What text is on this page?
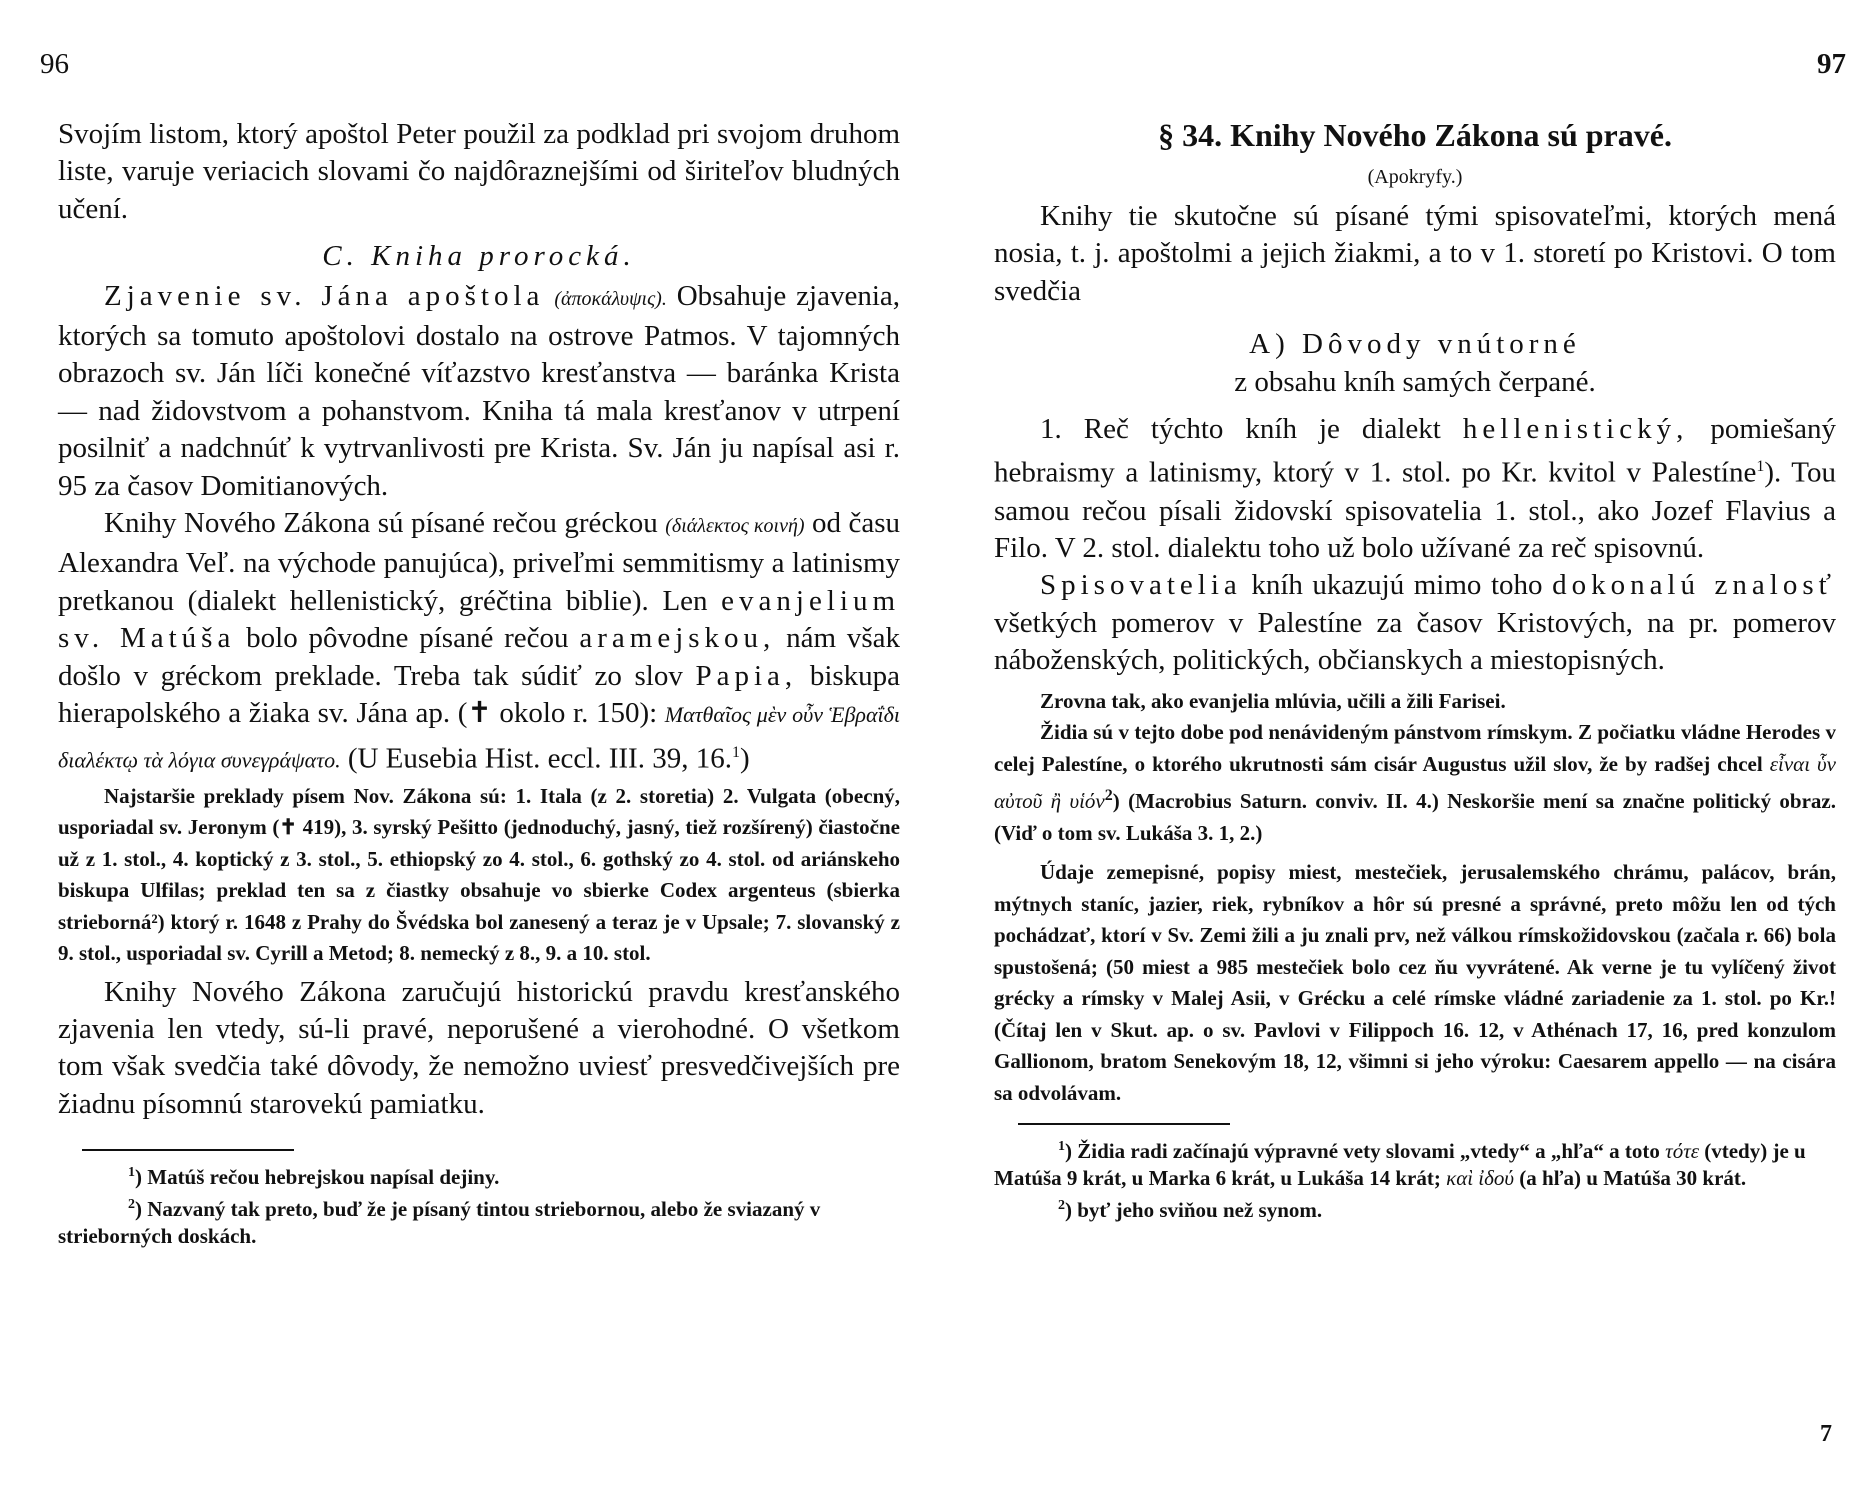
96

Svojím listom, ktorý apoštol Peter použil za podklad pri svojom druhom liste, varuje veriacich slovami čo najdôraznejšími od širiteľov bludných učení.

C. Kniha prorocká.

Zjavenie sv. Jána apoštola (ἀποκάλυψις). Obsahuje zjavenia, ktorých sa tomuto apoštolovi dostalo na ostrove Patmos. V tajomných obrazoch sv. Ján líči konečné víťazstvo kresťanstva — baránka Krista — nad židovstvom a pohanstvom. Kniha tá mala kresťanov v utrpení posilniť a nadchnúť k vytrvanlivosti pre Krista. Sv. Ján ju napísal asi r. 95 za časov Domitianových.

Knihy Nového Zákona sú písané rečou gréckou (διάλεκτος κοινή) od času Alexandra Veľ. na východe panujúca), priveľmi semmitismy a latinismy pretkanou (dialekt hellenistický, gréčtina biblie). Len evanjelium sv. Matúša bolo pôvodne písané rečou aramejskou, nám však došlo v gréckom preklade. Treba tak súdiť zo slov Papia, biskupa hierapolského a žiaka sv. Jána ap. (✝ okolo r. 150): Ματθαῖος μὲν οὖν Ἑβραΐδι διαλέκτῳ τὰ λόγια συνεγράψατο. (U Eusebia Hist. eccl. III. 39, 16.$^1$)

Najstaršie preklady písem Nov. Zákona sú: 1. Itala (z 2. storetia) 2. Vulgata (obecný, usporiadal sv. Jeronym (✝ 419), 3. syrský Pešitto (jednoduchý, jasný, tiež rozšírený) čiastočne už z 1. stol., 4. koptický z 3. stol., 5. ethiopský zo 4. stol., 6. gothský zo 4. stol. od ariánskeho biskupa Ulfilas; preklad ten sa z čiastky obsahuje vo sbierke Codex argenteus (sbierka strieborná²) ktorý r. 1648 z Prahy do Švédska bol zanesený a teraz je v Upsale; 7. slovanský z 9. stol., usporiadal sv. Cyrill a Metod; 8. nemecký z 8., 9. a 10. stol.

Knihy Nového Zákona zaručujú historickú pravdu kresťanského zjavenia len vtedy, sú-li pravé, neporušené a vierohodné. O všetkom tom však svedčia také dôvody, že nemožno uviesť presvedčivejších pre žiadnu písomnú starovekú pamiatku.

$^1$) Matúš rečou hebrejskou napísal dejiny.

$^2$) Nazvaný tak preto, buď že je písaný tintou striebornou, alebo že sviazaný v strieborných doskách.

97

§ 34. Knihy Nového Zákona sú pravé.

(Apokryfy.)

Knihy tie skutočne sú písané tými spisovateľmi, ktorých mená nosia, t. j. apoštolmi a jejich žiakmi, a to v 1. storetí po Kristovi. O tom svedčia

A) Dôvody vnútorné

z obsahu kníh samých čerpané.

1. Reč týchto kníh je dialekt hellenistický, pomiešaný hebraismy a latinismy, ktorý v 1. stol. po Kr. kvitol v Palestíne$^1$). Tou samou rečou písali židovskí spisovatelia 1. stol., ako Jozef Flavius a Filo. V 2. stol. dialektu toho už bolo užívané za reč spisovnú.

Spisovatelia kníh ukazujú mimo toho dokonalú znalosť všetkých pomerov v Palestíne za časov Kristových, na pr. pomerov náboženských, politických, občianskych a miestopisných.

Zrovna tak, ako evanjelia mlúvia, učili a žili Farisei.

Židia sú v tejto dobe pod nenávideným pánstvom rímskym. Z počiatku vládne Herodes v celej Palestíne, o ktorého ukrutnosti sám cisár Augustus užil slov, že by radšej chcel εἶναι ὗν αὐτοῦ ἢ υἱόν$^2$) (Macrobius Saturn. conviv. II. 4.) Neskoršie mení sa značne politický obraz. (Viď o tom sv. Lukáša 3. 1, 2.)

Údaje zemepisné, popisy miest, mestečiek, jerusalemského chrámu, palácov, brán, mýtnych staníc, jazier, riek, rybníkov a hôr sú presné a správné, preto môžu len od tých pochádzať, ktorí v Sv. Zemi žili a ju znali prv, než válkou rímskožidovskou (začala r. 66) bola spustošená; (50 miest a 985 mestečiek bolo cez ňu vyvrátené. Ak verne je tu vylíčený život grécky a rímsky v Malej Asii, v Grécku a celé rímske vládné zariadenie za 1. stol. po Kr.! (Čítaj len v Skut. ap. o sv. Pavlovi v Filippoch 16. 12, v Athénach 17, 16, pred konzulom Gallionom, bratom Senekovým 18, 12, všimni si jeho výroku: Caesarem appello — na cisára sa odvolávam.

$^1$) Židia radi začínajú výpravné vety slovami „vtedy“ a „hľa“ a toto τότε (vtedy) je u Matúša 9 krát, u Marka 6 krát, u Lukáša 14 krát; καὶ ἰδού (a hľa) u Matúša 30 krát.

$^2$) byť jeho sviňou než synom.

7
